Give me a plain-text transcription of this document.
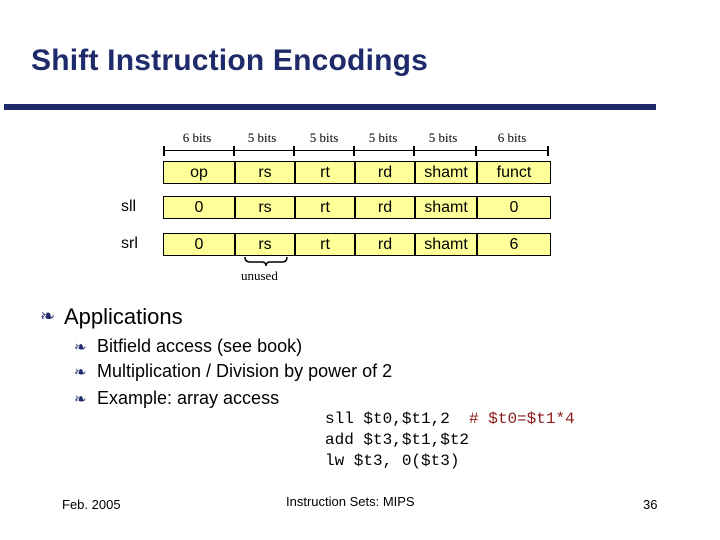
Shift Instruction Encodings
6 bits	5 bits	5 bits	5 bits	5 bits	6 bits
op	rs	rt	rd	shamt	funct
sll	0	rs	rt	rd	shamt	0
srl	0	rs	rt	rd	shamt	6
unused
❧ Applications
❧ Bitfield access (see book)
❧ Multiplication / Division by power of 2
❧ Example: array access
sll $t0,$t1,2 # $t0=$t1*4
add $t3,$t1,$t2
lw $t3, 0($t3)
Feb. 2005	Instruction Sets: MIPS	36
